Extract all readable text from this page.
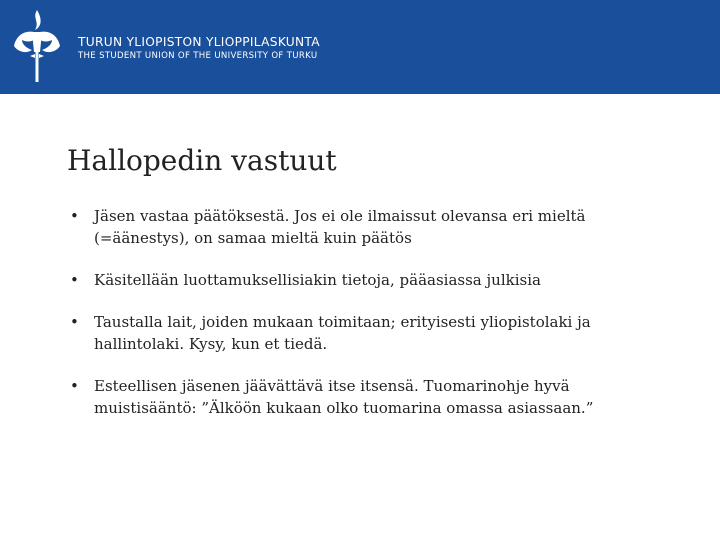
TURUN YLIOPISTON YLIOPPILASKUNTA
THE STUDENT UNION OF THE UNIVERSITY OF TURKU
Hallopedin vastuut
• Jäsen vastaa päätöksestä. Jos ei ole ilmaissut olevansa eri mieltä (=äänestys), on samaa mieltä kuin päätös
• Käsitellään luottamuksellisiakin tietoja, pääasiassa julkisia
• Taustalla lait, joiden mukaan toimitaan; erityisesti yliopistolaki ja hallintolaki. Kysy, kun et tiedä.
• Esteellisen jäsenen jäävättävä itse itsensä. Tuomarinohje hyvä muistisääntö: ”Älköön kukaan olko tuomarina omassa asiassaan.”
